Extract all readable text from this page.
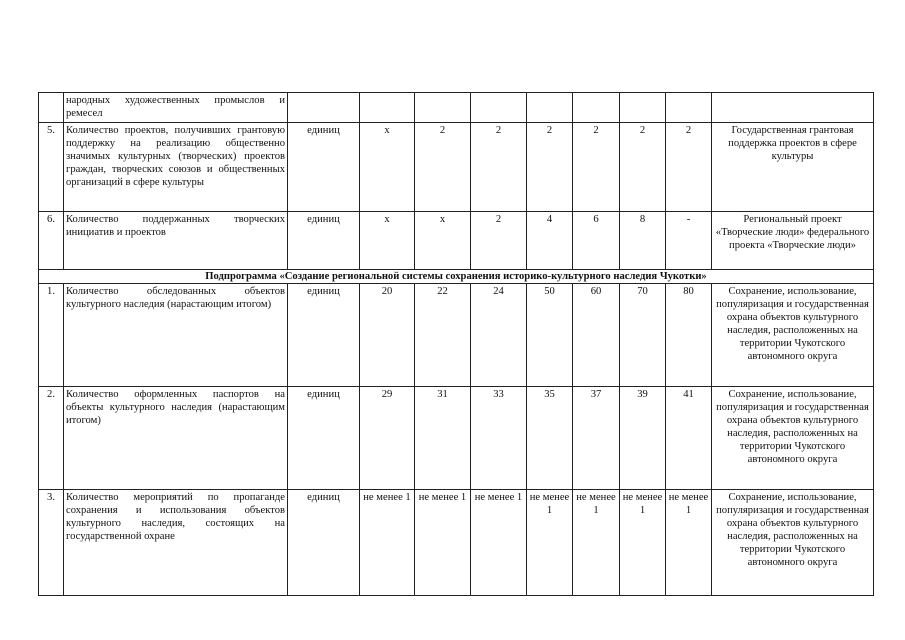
	народных художественных промыслов и ремесел									
5.	Количество проектов, получивших грантовую поддержку на реализацию общественно значимых культурных (творческих) проектов граждан, творческих союзов и общественных организаций в сфере культуры	единиц	х	2	2	2	2	2	2	Государственная грантовая поддержка проектов в сфере культуры
6.	Количество поддержанных творческих инициатив и проектов	единиц	х	х	2	4	6	8	-	Региональный проект «Творческие люди» федерального проекта «Творческие люди»
Подпрограмма «Создание региональной системы сохранения историко-культурного наследия Чукотки»										
1.	Количество обследованных объектов культурного наследия (нарастающим итогом)	единиц	20	22	24	50	60	70	80	Сохранение, использование, популяризация и государственная охрана объектов культурного наследия, расположенных на территории Чукотского автономного округа
2.	Количество оформленных паспортов на объекты культурного наследия (нарастающим итогом)	единиц	29	31	33	35	37	39	41	Сохранение, использование, популяризация и государственная охрана объектов культурного наследия, расположенных на территории Чукотского автономного округа
3.	Количество мероприятий по пропаганде сохранения и использования объектов культурного наследия, состоящих на государственной охране	единиц	не менее 1	не менее 1	не менее 1	не менее 1	не менее 1	не менее 1	не менее 1	Сохранение, использование, популяризация и государственная охрана объектов культурного наследия, расположенных на территории Чукотского автономного округа
